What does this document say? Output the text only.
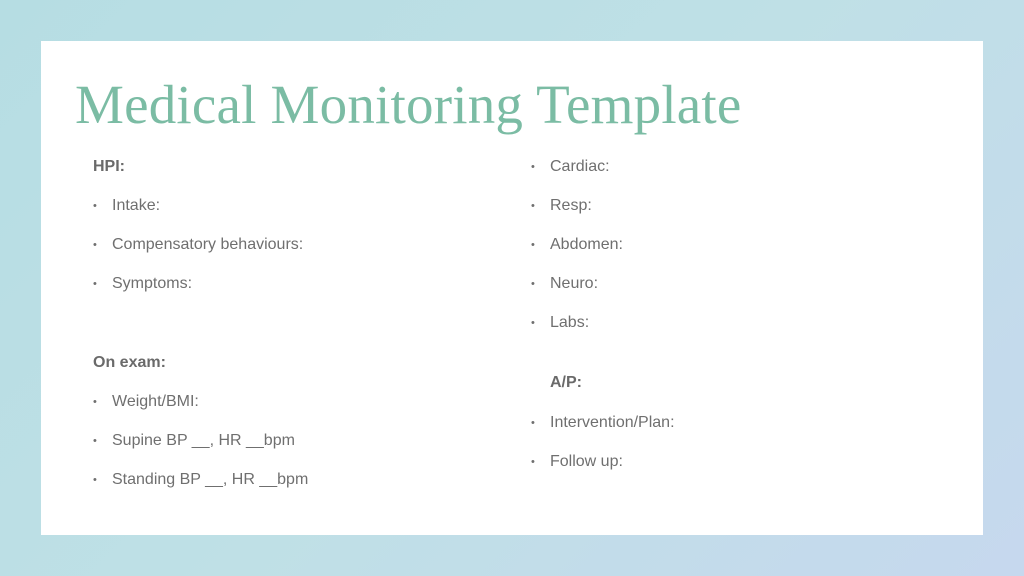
Medical Monitoring Template
HPI:
• Intake:
• Compensatory behaviours:
• Symptoms:
On exam:
• Weight/BMI:
• Supine BP __, HR __bpm
• Standing BP __, HR __bpm
• Cardiac:
• Resp:
• Abdomen:
• Neuro:
• Labs:
A/P:
• Intervention/Plan:
• Follow up:
